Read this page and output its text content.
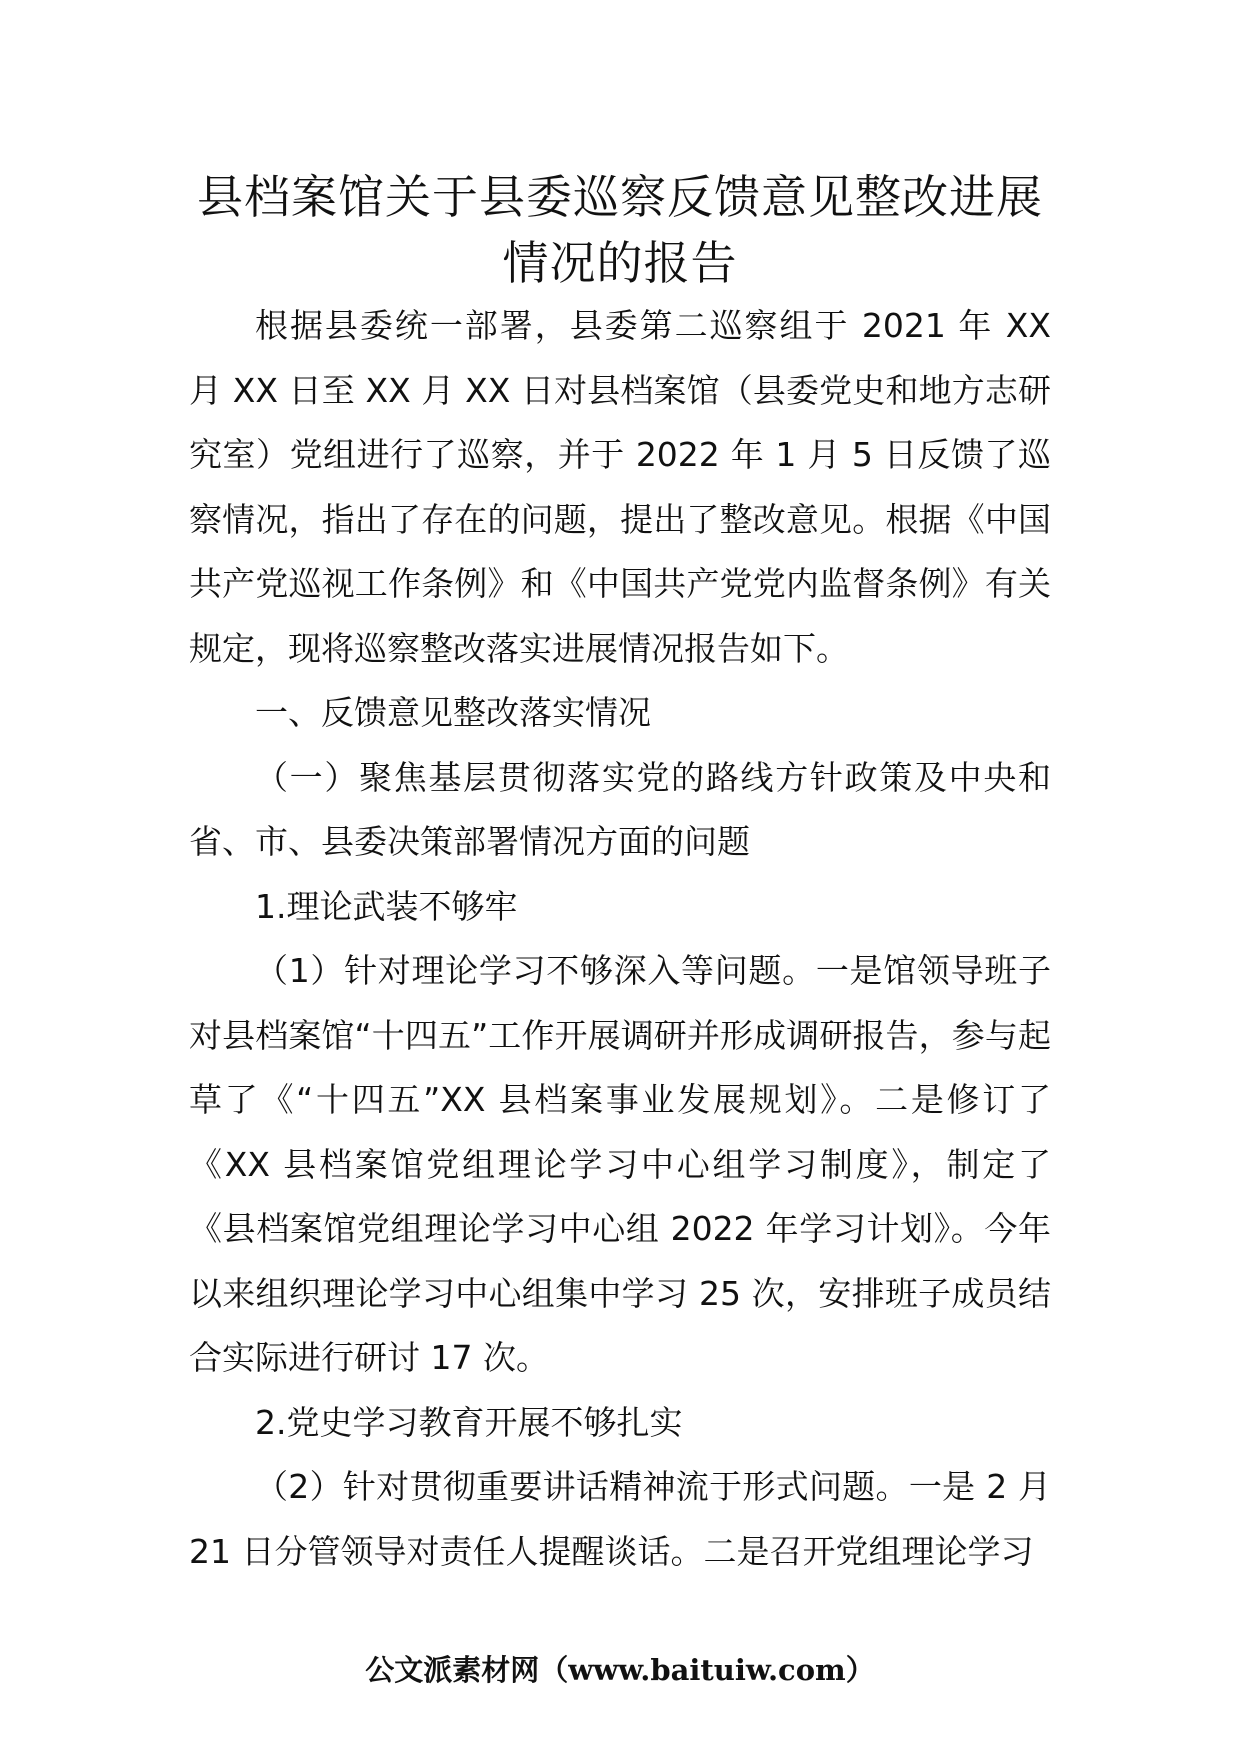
县档案馆关于县委巡察反馈意见整改进展
情况的报告

根据县委统一部署，县委第二巡察组于 2021 年 XX 月 XX 日至 XX 月 XX 日对县档案馆（县委党史和地方志研究室）党组进行了巡察，并于 2022 年 1 月 5 日反馈了巡察情况，指出了存在的问题，提出了整改意见。根据《中国共产党巡视工作条例》和《中国共产党党内监督条例》有关规定，现将巡察整改落实进展情况报告如下。

一、反馈意见整改落实情况

（一）聚焦基层贯彻落实党的路线方针政策及中央和省、市、县委决策部署情况方面的问题

1.理论武装不够牢

（1）针对理论学习不够深入等问题。一是馆领导班子对县档案馆“十四五”工作开展调研并形成调研报告，参与起草了《“十四五”XX 县档案事业发展规划》。二是修订了《XX 县档案馆党组理论学习中心组学习制度》，制定了《县档案馆党组理论学习中心组 2022 年学习计划》。今年以来组织理论学习中心组集中学习 25 次，安排班子成员结合实际进行研讨 17 次。

2.党史学习教育开展不够扎实

（2）针对贯彻重要讲话精神流于形式问题。一是 2 月 21 日分管领导对责任人提醒谈话。二是召开党组理论学习

公文派素材网（www.baituiw.com）
